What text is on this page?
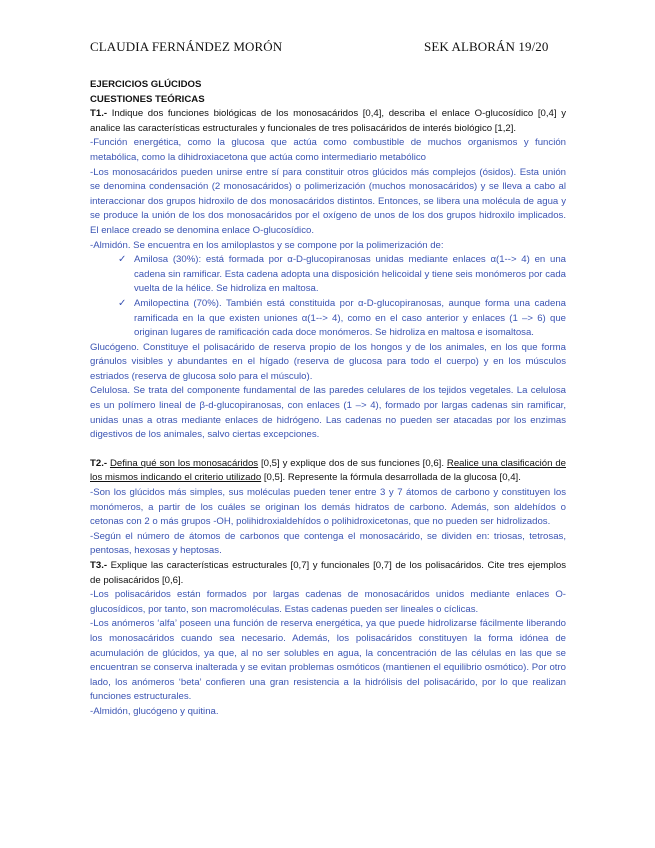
CLAUDIA FERNÁNDEZ MORÓN	SEK ALBORÁN 19/20

EJERCICIOS GLÚCIDOS

CUESTIONES TEÓRICAS

T1.- Indique dos funciones biológicas de los monosacáridos [0,4], describa el enlace O-glucosídico [0,4] y analice las características estructurales y funcionales de tres polisacáridos de interés biológico [1,2].

-Función energética, como la glucosa que actúa como combustible de muchos organismos y función metabólica, como la dihidroxiacetona que actúa como intermediario metabólico

-Los monosacáridos pueden unirse entre sí para constituir otros glúcidos más complejos (ósidos). Esta unión se denomina condensación (2 monosacáridos) o polimerización (muchos monosacáridos) y se lleva a cabo al interaccionar dos grupos hidroxilo de dos monosacáridos distintos. Entonces, se libera una molécula de agua y se produce la unión de los dos monosacáridos por el oxígeno de unos de los dos grupos hidroxilo implicados. El enlace creado se denomina enlace O-glucosídico.

-Almidón. Se encuentra en los amiloplastos y se compone por la polimerización de:

✓ Amilosa (30%): está formada por α-D-glucopiranosas unidas mediante enlaces α(1--> 4) en una cadena sin ramificar. Esta cadena adopta una disposición helicoidal y tiene seis monómeros por cada vuelta de la hélice. Se hidroliza en maltosa.
✓ Amilopectina (70%). También está constituida por α-D-glucopiranosas, aunque forma una cadena ramificada en la que existen uniones α(1--> 4), como en el caso anterior y enlaces (1 –> 6) que originan lugares de ramificación cada doce monómeros. Se hidroliza en maltosa e isomaltosa.

Glucógeno. Constituye el polisacárido de reserva propio de los hongos y de los animales, en los que forma gránulos visibles y abundantes en el hígado (reserva de glucosa para todo el cuerpo) y en los músculos estriados (reserva de glucosa solo para el músculo).

Celulosa. Se trata del componente fundamental de las paredes celulares de los tejidos vegetales. La celulosa es un polímero lineal de β-d-glucopiranosas, con enlaces (1 –> 4), formado por largas cadenas sin ramificar, unidas unas a otras mediante enlaces de hidrógeno. Las cadenas no pueden ser atacadas por los enzimas digestivos de los animales, salvo ciertas excepciones.

T2.- Defina qué son los monosacáridos [0,5] y explique dos de sus funciones [0,6]. Realice una clasificación de los mismos indicando el criterio utilizado [0,5]. Represente la fórmula desarrollada de la glucosa [0,4].

-Son los glúcidos más simples, sus moléculas pueden tener entre 3 y 7 átomos de carbono y constituyen los monómeros, a partir de los cuáles se originan los demás hidratos de carbono. Además, son aldehídos o cetonas con 2 o más grupos -OH, polihidroxialdehídos o polihidroxicetonas, que no pueden ser hidrolizados.

-Según el número de átomos de carbonos que contenga el monosacárido, se dividen en: triosas, tetrosas, pentosas, hexosas y heptosas.

T3.- Explique las características estructurales [0,7] y funcionales [0,7] de los polisacáridos. Cite tres ejemplos de polisacáridos [0,6].

-Los polisacáridos están formados por largas cadenas de monosacáridos unidos mediante enlaces O-glucosídicos, por tanto, son macromoléculas. Estas cadenas pueden ser lineales o cíclicas.

-Los anómeros ‘alfa’ poseen una función de reserva energética, ya que puede hidrolizarse fácilmente liberando los monosacáridos cuando sea necesario. Además, los polisacáridos constituyen la forma idónea de acumulación de glúcidos, ya que, al no ser solubles en agua, la concentración de las células en las que se encuentran se conserva inalterada y se evitan problemas osmóticos (mantienen el equilibrio osmótico). Por otro lado, los anómeros ‘beta’ confieren una gran resistencia a la hidrólisis del polisacárido, por lo que realizan funciones estructurales.

-Almidón, glucógeno y quitina.
